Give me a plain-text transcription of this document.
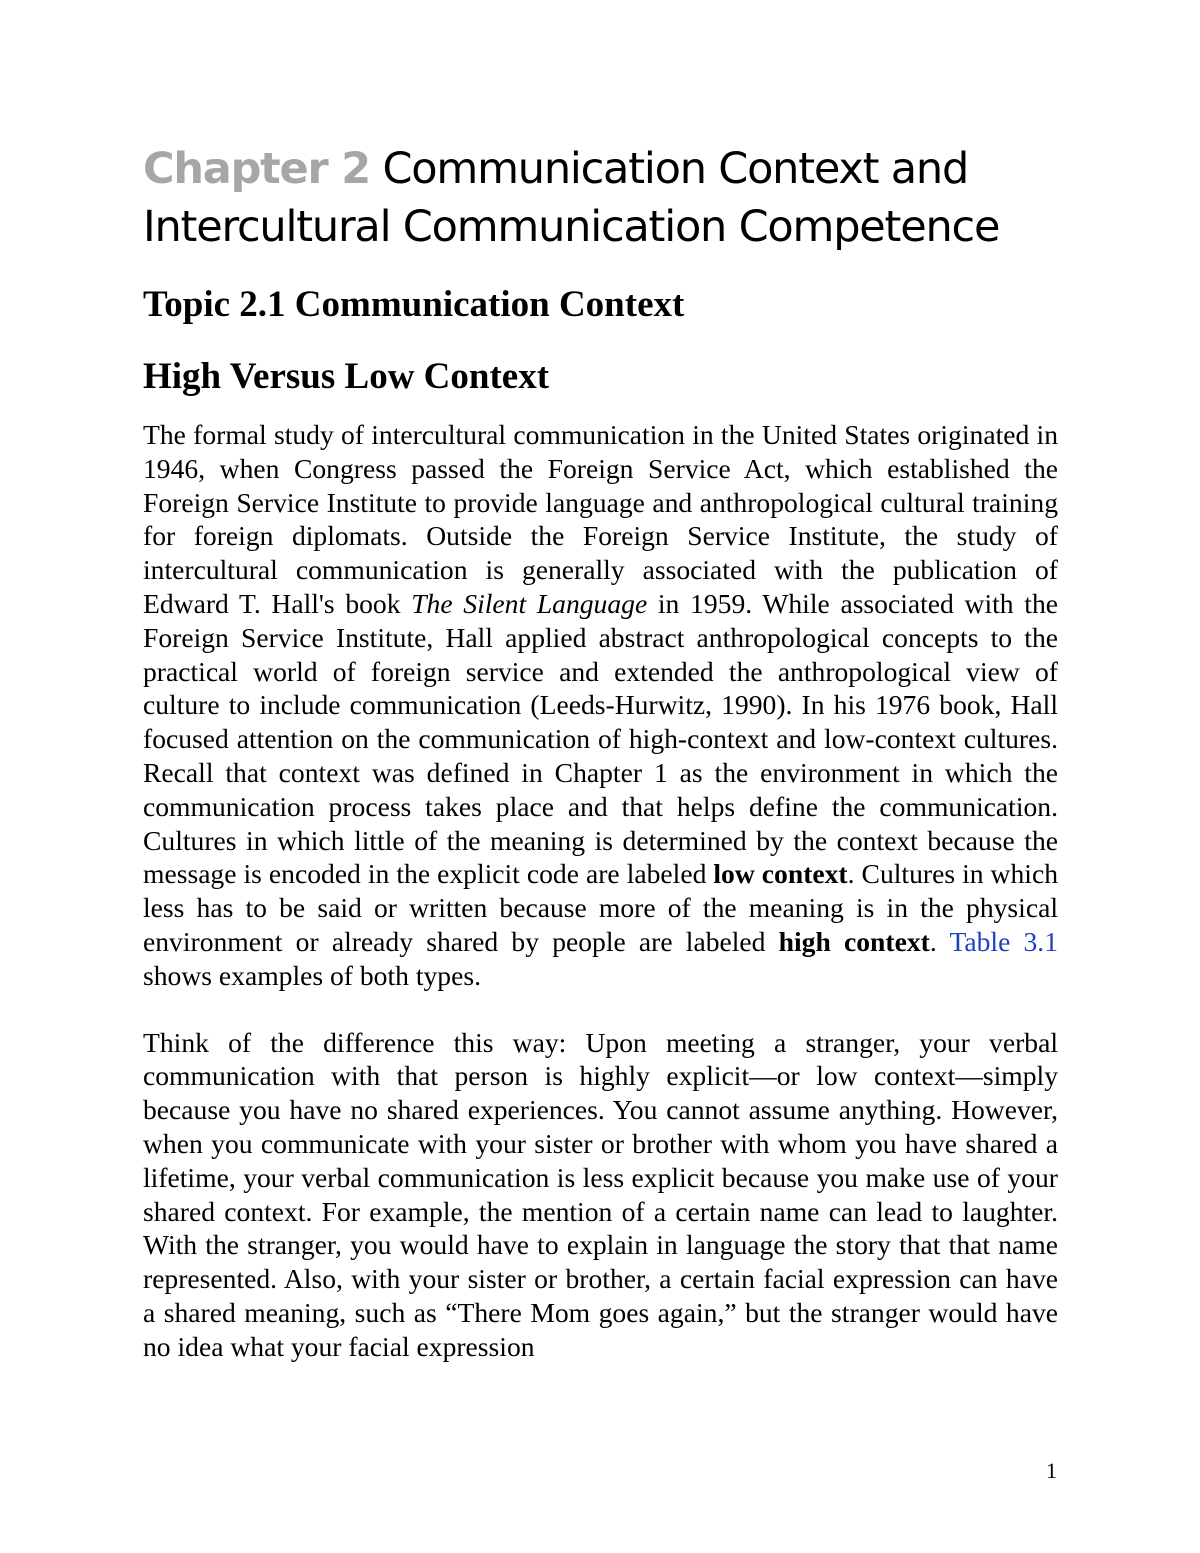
Chapter 2 Communication Context and Intercultural Communication Competence
Topic 2.1 Communication Context
High Versus Low Context

The formal study of intercultural communication in the United States originated in 1946, when Congress passed the Foreign Service Act, which established the Foreign Service Institute to provide language and anthropological cultural training for foreign diplomats. Outside the Foreign Service Institute, the study of intercultural communication is generally associated with the publication of Edward T. Hall's book The Silent Language in 1959. While associated with the Foreign Service Institute, Hall applied abstract anthropological concepts to the practical world of foreign service and extended the anthropological view of culture to include communication (Leeds-Hurwitz, 1990). In his 1976 book, Hall focused attention on the communication of high-context and low-context cultures. Recall that context was defined in Chapter 1 as the environment in which the communication process takes place and that helps define the communication. Cultures in which little of the meaning is determined by the context because the message is encoded in the explicit code are labeled low context. Cultures in which less has to be said or written because more of the meaning is in the physical environment or already shared by people are labeled high context. Table 3.1 shows examples of both types.

Think of the difference this way: Upon meeting a stranger, your verbal communication with that person is highly explicit—or low context—simply because you have no shared experiences. You cannot assume anything. However, when you communicate with your sister or brother with whom you have shared a lifetime, your verbal communication is less explicit because you make use of your shared context. For example, the mention of a certain name can lead to laughter. With the stranger, you would have to explain in language the story that that name represented. Also, with your sister or brother, a certain facial expression can have a shared meaning, such as “There Mom goes again,” but the stranger would have no idea what your facial expression

1
